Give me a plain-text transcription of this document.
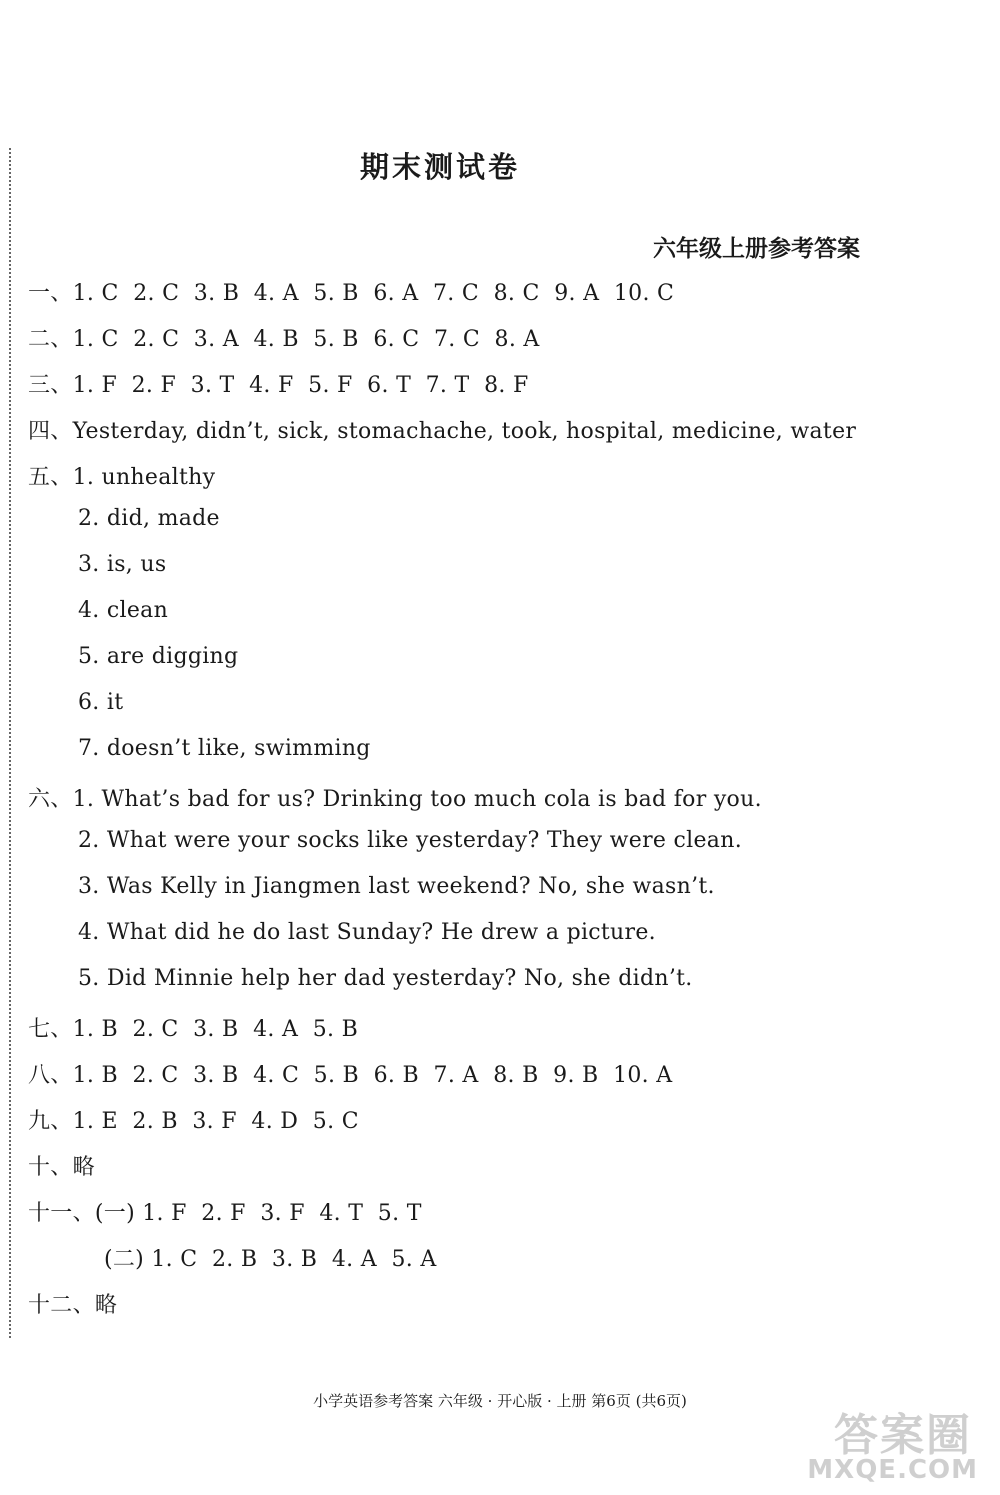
期末测试卷
六年级上册参考答案
一、1. C  2. C  3. B  4. A  5. B  6. A  7. C  8. C  9. A  10. C
二、1. C  2. C  3. A  4. B  5. B  6. C  7. C  8. A
三、1. F  2. F  3. T  4. F  5. F  6. T  7. T  8. F
四、Yesterday, didn’t, sick, stomachache, took, hospital, medicine, water
五、1. unhealthy
2. did, made
3. is, us
4. clean
5. are digging
6. it
7. doesn’t like, swimming
六、1. What’s bad for us? Drinking too much cola is bad for you.
2. What were your socks like yesterday? They were clean.
3. Was Kelly in Jiangmen last weekend? No, she wasn’t.
4. What did he do last Sunday? He drew a picture.
5. Did Minnie help her dad yesterday? No, she didn’t.
七、1. B  2. C  3. B  4. A  5. B
八、1. B  2. C  3. B  4. C  5. B  6. B  7. A  8. B  9. B  10. A
九、1. E  2. B  3. F  4. D  5. C
十、略
十一、(一) 1. F  2. F  3. F  4. T  5. T
(二) 1. C  2. B  3. B  4. A  5. A
十二、略
小学英语参考答案 六年级 · 开心版 · 上册 第6页 (共6页)
答案圈
MXQE.COM
